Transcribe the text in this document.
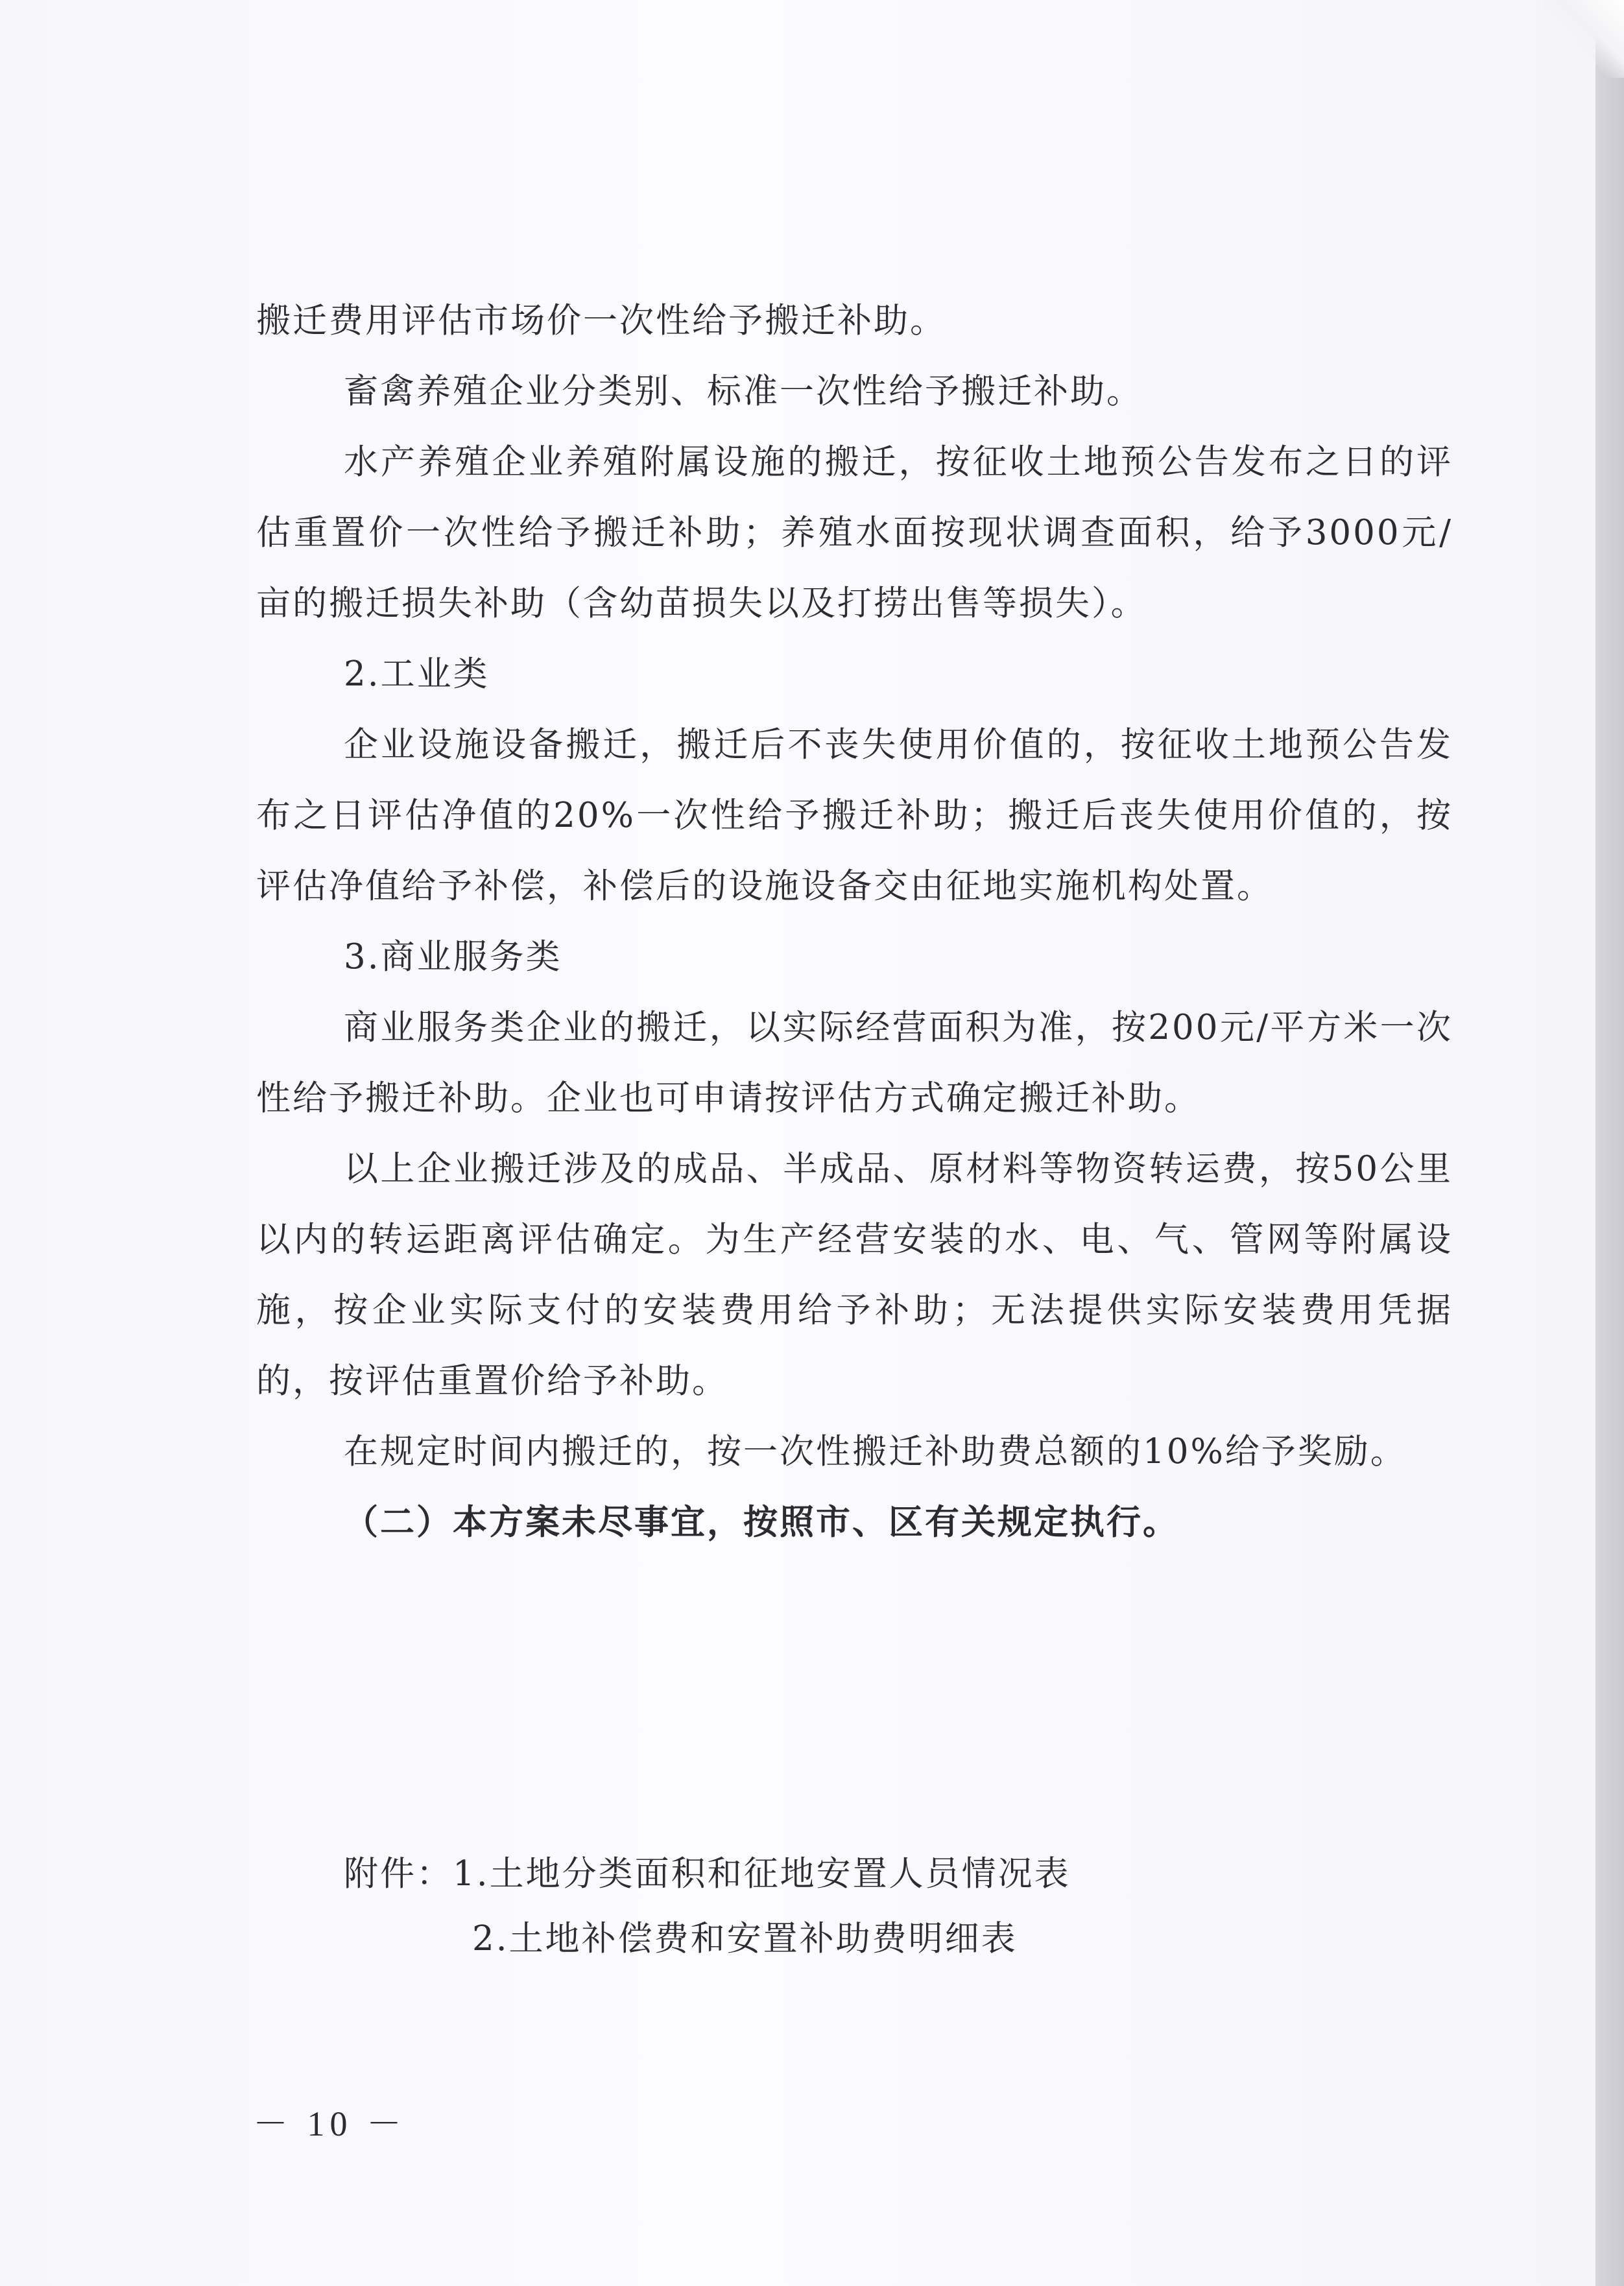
搬迁费用评估市场价一次性给予搬迁补助。

畜禽养殖企业分类别、标准一次性给予搬迁补助。

水产养殖企业养殖附属设施的搬迁，按征收土地预公告发布之日的评估重置价一次性给予搬迁补助；养殖水面按现状调查面积，给予3000元/亩的搬迁损失补助（含幼苗损失以及打捞出售等损失）。

2.工业类

企业设施设备搬迁，搬迁后不丧失使用价值的，按征收土地预公告发布之日评估净值的20%一次性给予搬迁补助；搬迁后丧失使用价值的，按评估净值给予补偿，补偿后的设施设备交由征地实施机构处置。

3.商业服务类

商业服务类企业的搬迁，以实际经营面积为准，按200元/平方米一次性给予搬迁补助。企业也可申请按评估方式确定搬迁补助。

以上企业搬迁涉及的成品、半成品、原材料等物资转运费，按50公里以内的转运距离评估确定。为生产经营安装的水、电、气、管网等附属设施，按企业实际支付的安装费用给予补助；无法提供实际安装费用凭据的，按评估重置价给予补助。

在规定时间内搬迁的，按一次性搬迁补助费总额的10%给予奖励。

（二）本方案未尽事宜，按照市、区有关规定执行。

附件：1.土地分类面积和征地安置人员情况表
2.土地补偿费和安置补助费明细表
－ 10 －
